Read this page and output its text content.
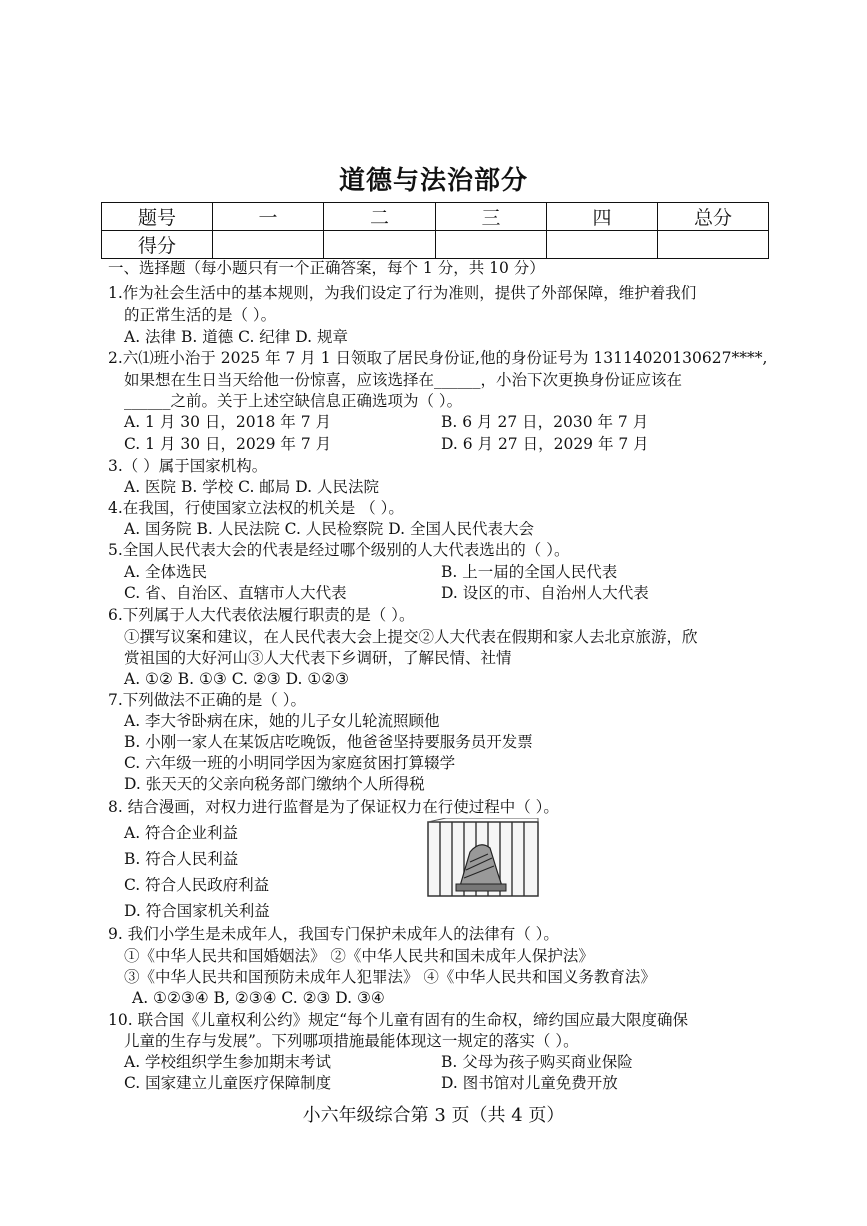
道德与法治部分
题号	一	二	三	四	总分
得分					
一、选择题（每小题只有一个正确答案，每个 1 分，共 10 分）
1.作为社会生活中的基本规则，为我们设定了行为准则，提供了外部保障，维护着我们
的正常生活的是（ ）。
A. 法律 B. 道德 C. 纪律 D. 规章
2.六⑴班小治于 2025 年 7 月 1 日领取了居民身份证,他的身份证号为 13114020130627****,
如果想在生日当天给他一份惊喜，应该选择在______，小治下次更换身份证应该在
______之前。关于上述空缺信息正确选项为（ ）。
A. 1 月 30 日，2018 年 7 月	B. 6 月 27 日，2030 年 7 月
C. 1 月 30 日，2029 年 7 月	D. 6 月 27 日，2029 年 7 月
3.（ ）属于国家机构。
A. 医院 B. 学校 C. 邮局 D. 人民法院
4.在我国，行使国家立法权的机关是 （ ）。
A. 国务院 B. 人民法院 C. 人民检察院 D. 全国人民代表大会
5.全国人民代表大会的代表是经过哪个级别的人大代表选出的（ ）。
A. 全体选民	B. 上一届的全国人民代表
C. 省、自治区、直辖市人大代表	D. 设区的市、自治州人大代表
6.下列属于人大代表依法履行职责的是（ ）。
①撰写议案和建议，在人民代表大会上提交②人大代表在假期和家人去北京旅游，欣
赏祖国的大好河山③人大代表下乡调研，了解民情、社情
A. ①② B. ①③ C. ②③ D. ①②③
7.下列做法不正确的是（ ）。
A. 李大爷卧病在床，她的儿子女儿轮流照顾他
B. 小刚一家人在某饭店吃晚饭，他爸爸坚持要服务员开发票
C. 六年级一班的小明同学因为家庭贫困打算辍学
D. 张天天的父亲向税务部门缴纳个人所得税
8. 结合漫画，对权力进行监督是为了保证权力在行使过程中（ ）。
A. 符合企业利益
B. 符合人民利益
C. 符合人民政府利益
D. 符合国家机关利益
9. 我们小学生是未成年人，我国专门保护未成年人的法律有（ ）。
①《中华人民共和国婚姻法》 ②《中华人民共和国未成年人保护法》
③《中华人民共和国预防未成年人犯罪法》 ④《中华人民共和国义务教育法》
A. ①②③④ B, ②③④ C. ②③ D. ③④
10. 联合国《儿童权利公约》规定“每个儿童有固有的生命权，缔约国应最大限度确保
儿童的生存与发展”。下列哪项措施最能体现这一规定的落实（ ）。
A. 学校组织学生参加期末考试	B. 父母为孩子购买商业保险
C. 国家建立儿童医疗保障制度	D. 图书馆对儿童免费开放
小六年级综合第 3 页（共 4 页）
